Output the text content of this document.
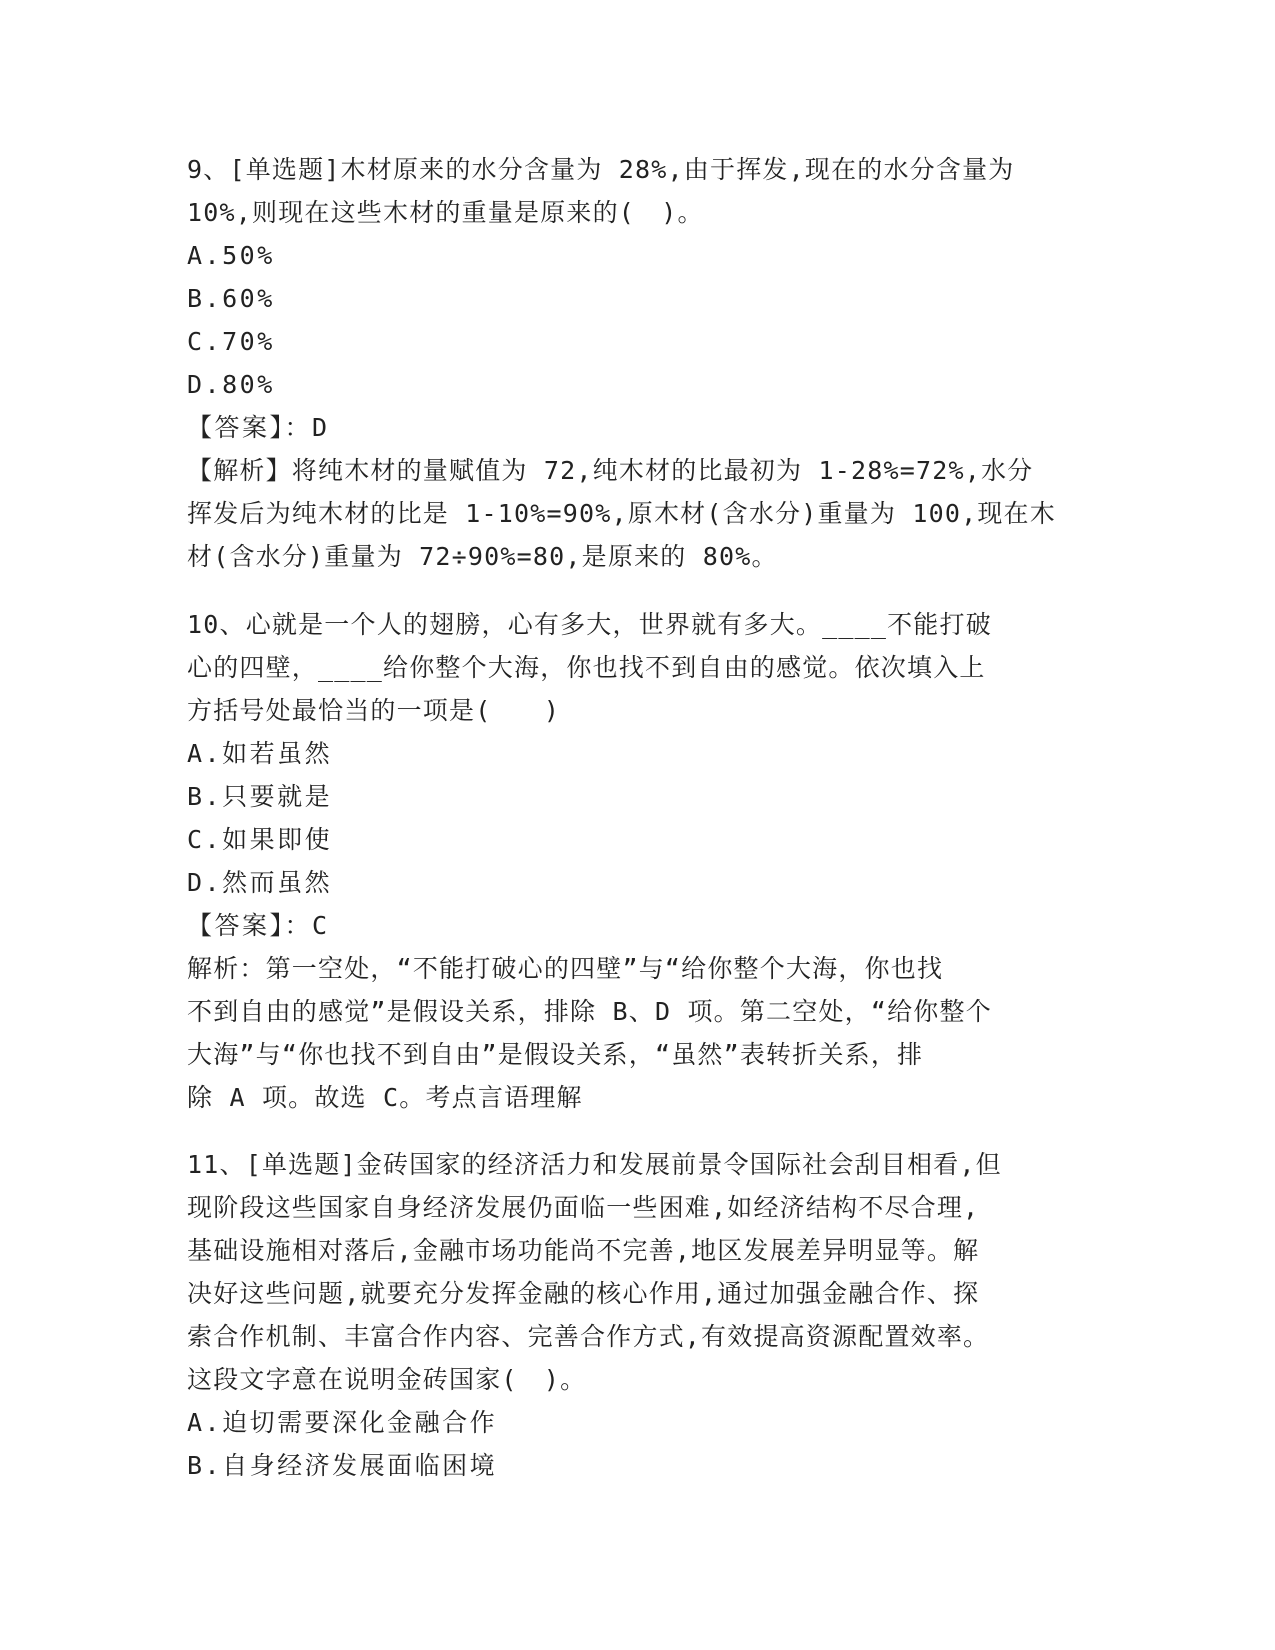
9、[单选题]木材原来的水分含量为 28%,由于挥发,现在的水分含量为
10%,则现在这些木材的重量是原来的(　)。
A.50%
B.60%
C.70%
D.80%
【答案】：D
【解析】将纯木材的量赋值为 72,纯木材的比最初为 1-28%=72%,水分
挥发后为纯木材的比是 1-10%=90%,原木材(含水分)重量为 100,现在木
材(含水分)重量为 72÷90%=80,是原来的 80%。
10、心就是一个人的翅膀，心有多大，世界就有多大。____不能打破
心的四壁，____给你整个大海，你也找不到自由的感觉。依次填入上
方括号处最恰当的一项是(　　)
A.如若虽然
B.只要就是
C.如果即使
D.然而虽然
【答案】：C
解析：第一空处，“不能打破心的四壁”与“给你整个大海，你也找
不到自由的感觉”是假设关系，排除 B、D 项。第二空处，“给你整个
大海”与“你也找不到自由”是假设关系，“虽然”表转折关系，排
除 A 项。故选 C。考点言语理解
11、[单选题]金砖国家的经济活力和发展前景令国际社会刮目相看,但
现阶段这些国家自身经济发展仍面临一些困难,如经济结构不尽合理,
基础设施相对落后,金融市场功能尚不完善,地区发展差异明显等。解
决好这些问题,就要充分发挥金融的核心作用,通过加强金融合作、探
索合作机制、丰富合作内容、完善合作方式,有效提高资源配置效率。
这段文字意在说明金砖国家(　)。
A.迫切需要深化金融合作
B.自身经济发展面临困境
